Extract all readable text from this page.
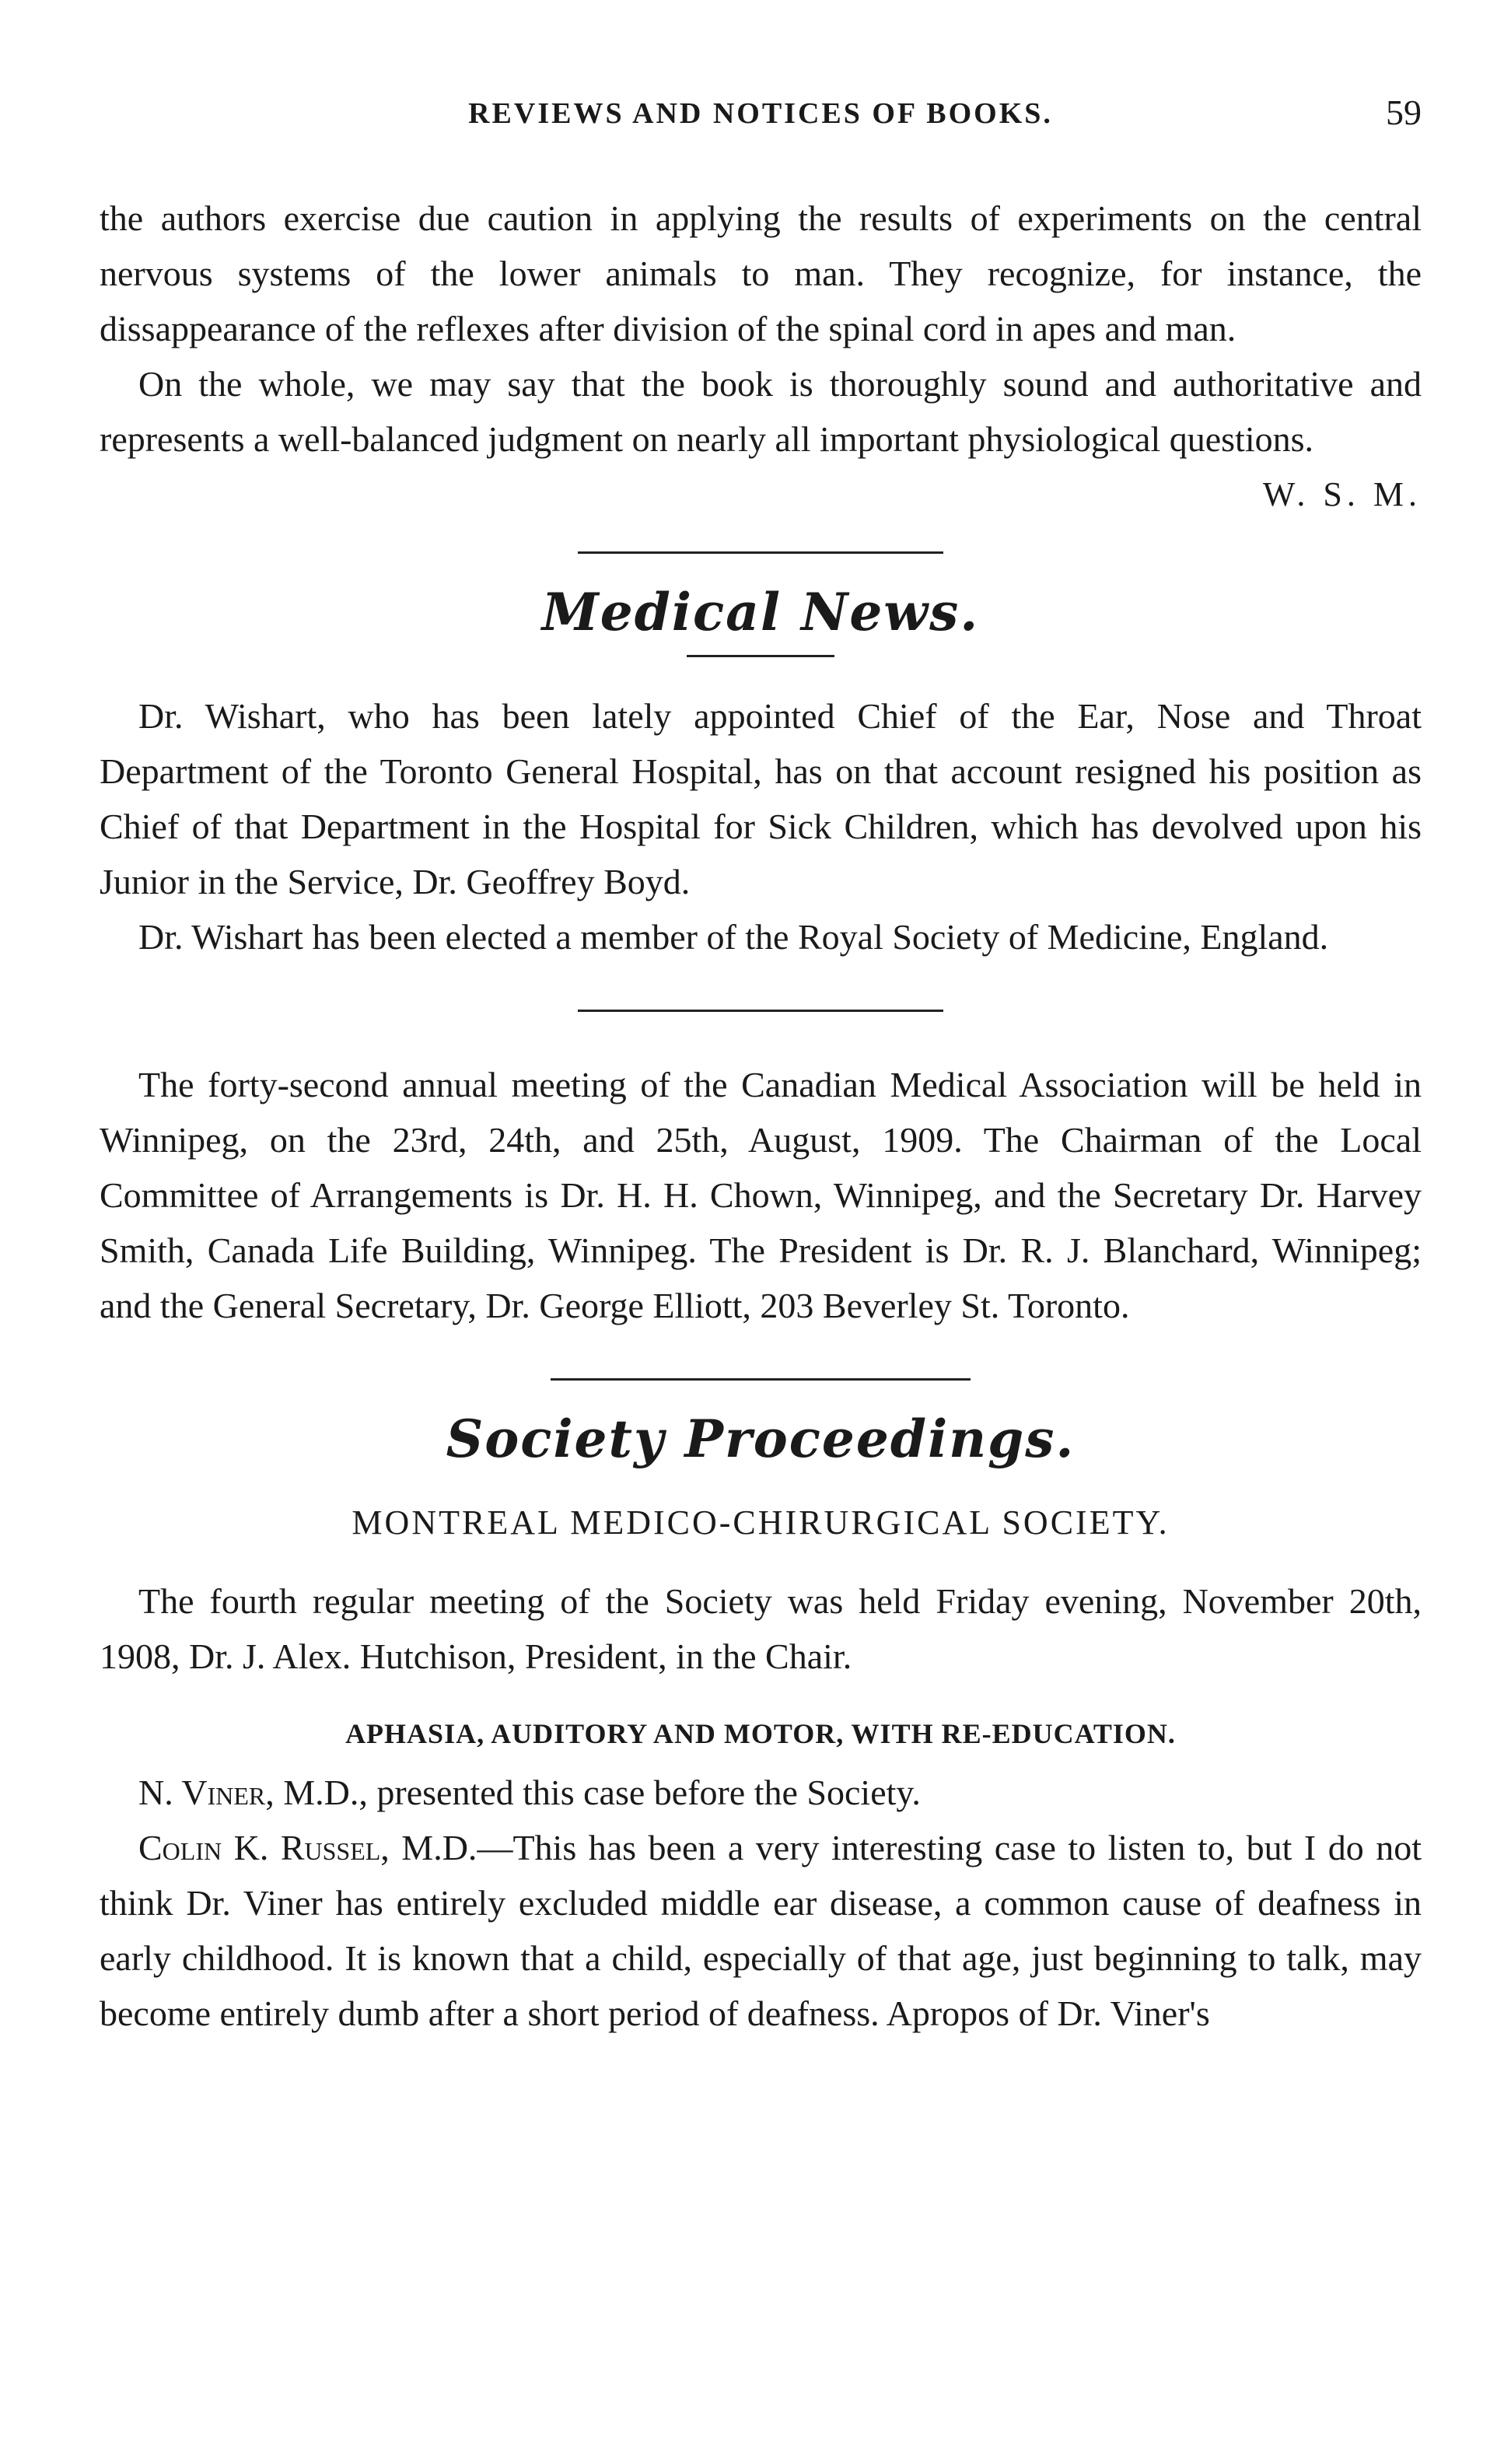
REVIEWS AND NOTICES OF BOOKS.	59

the authors exercise due caution in applying the results of experiments on the central nervous systems of the lower animals to man. They recognize, for instance, the dissappearance of the reflexes after division of the spinal cord in apes and man.

On the whole, we may say that the book is thoroughly sound and authoritative and represents a well-balanced judgment on nearly all important physiological questions.

W. S. M.

Medical News.

Dr. Wishart, who has been lately appointed Chief of the Ear, Nose and Throat Department of the Toronto General Hospital, has on that account resigned his position as Chief of that Department in the Hospital for Sick Children, which has devolved upon his Junior in the Service, Dr. Geoffrey Boyd.

Dr. Wishart has been elected a member of the Royal Society of Medicine, England.

The forty-second annual meeting of the Canadian Medical Association will be held in Winnipeg, on the 23rd, 24th, and 25th, August, 1909. The Chairman of the Local Committee of Arrangements is Dr. H. H. Chown, Winnipeg, and the Secretary Dr. Harvey Smith, Canada Life Building, Winnipeg. The President is Dr. R. J. Blanchard, Winnipeg; and the General Secretary, Dr. George Elliott, 203 Beverley St. Toronto.

Society Proceedings.

MONTREAL MEDICO-CHIRURGICAL SOCIETY.

The fourth regular meeting of the Society was held Friday evening, November 20th, 1908, Dr. J. Alex. Hutchison, President, in the Chair.

APHASIA, AUDITORY AND MOTOR, WITH RE-EDUCATION.

N. Viner, M.D., presented this case before the Society.

Colin K. Russel, M.D.—This has been a very interesting case to listen to, but I do not think Dr. Viner has entirely excluded middle ear disease, a common cause of deafness in early childhood. It is known that a child, especially of that age, just beginning to talk, may become entirely dumb after a short period of deafness. Apropos of Dr. Viner's
